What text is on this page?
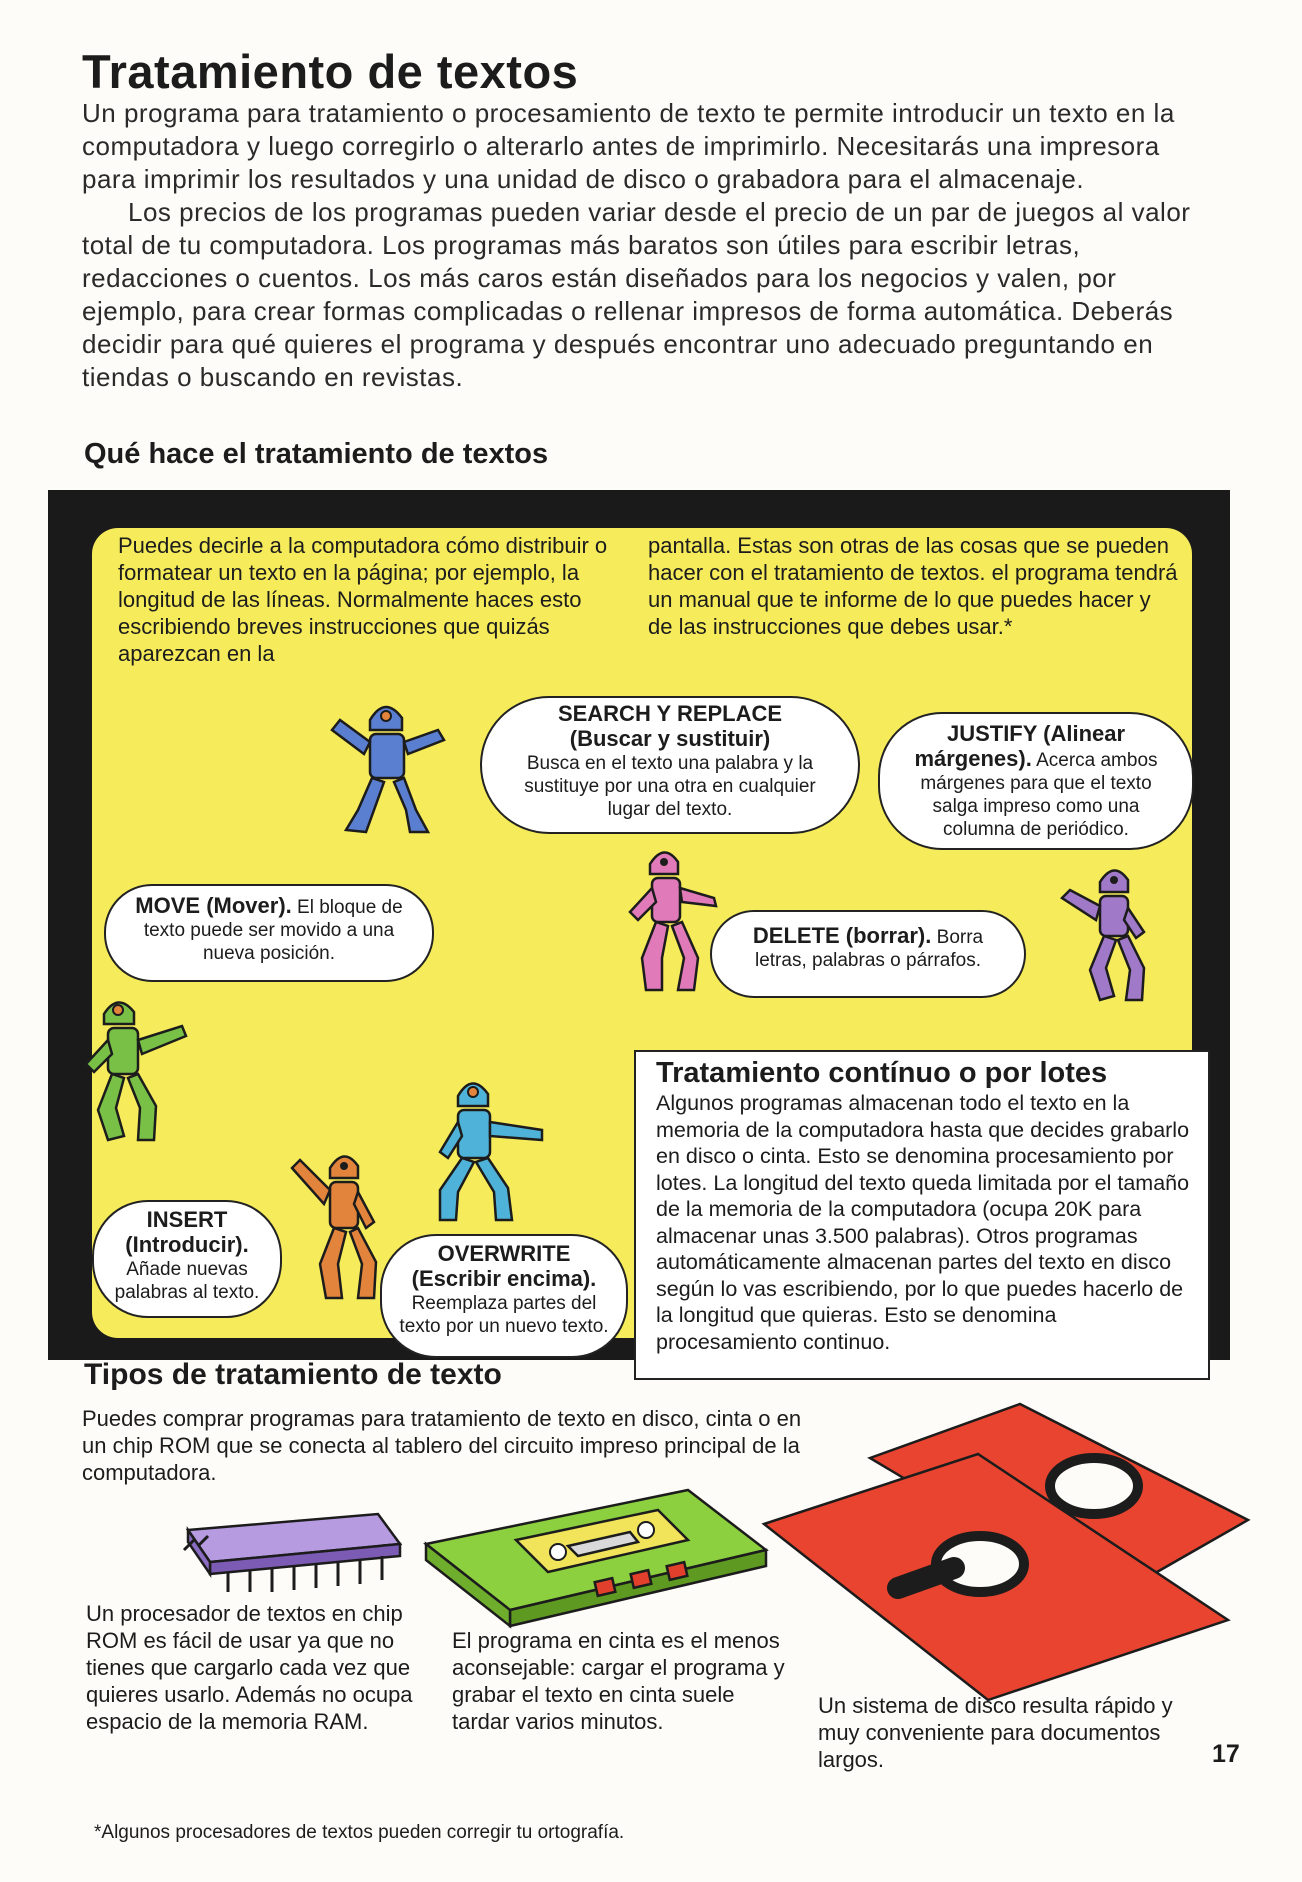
Tratamiento de textos

Un programa para tratamiento o procesamiento de texto te permite introducir un texto en la computadora y luego corregirlo o alterarlo antes de imprimirlo. Necesitarás una impresora para imprimir los resultados y una unidad de disco o grabadora para el almacenaje.

Los precios de los programas pueden variar desde el precio de un par de juegos al valor total de tu computadora. Los programas más baratos son útiles para escribir letras, redacciones o cuentos. Los más caros están diseñados para los negocios y valen, por ejemplo, para crear formas complicadas o rellenar impresos de forma automática. Deberás decidir para qué quieres el programa y después encontrar uno adecuado preguntando en tiendas o buscando en revistas.

Qué hace el tratamiento de textos
Puedes decirle a la computadora cómo distribuir o formatear un texto en la página; por ejemplo, la longitud de las líneas. Normalmente haces esto escribiendo breves instrucciones que quizás aparezcan en la
pantalla. Estas son otras de las cosas que se pueden hacer con el tratamiento de textos. el programa tendrá un manual que te informe de lo que puedes hacer y de las instrucciones que debes usar.*
SEARCH Y REPLACE
(Buscar y sustituir)
Busca en el texto una palabra y la sustituye por una otra en cualquier lugar del texto.
JUSTIFY (Alinear márgenes). Acerca ambos márgenes para que el texto salga impreso como una columna de periódico.
MOVE (Mover). El bloque de texto puede ser movido a una nueva posición.
DELETE (borrar). Borra letras, palabras o párrafos.
INSERT (Introducir).
Añade nuevas palabras al texto.
OVERWRITE (Escribir encima).
Reemplaza partes del texto por un nuevo texto.
Tratamiento contínuo o por lotes

Algunos programas almacenan todo el texto en la memoria de la computadora hasta que decides grabarlo en disco o cinta. Esto se denomina procesamiento por lotes. La longitud del texto queda limitada por el tamaño de la memoria de la computadora (ocupa 20K para almacenar unas 3.500 palabras). Otros programas automáticamente almacenan partes del texto en disco según lo vas escribiendo, por lo que puedes hacerlo de la longitud que quieras. Esto se denomina procesamiento continuo.

Tipos de tratamiento de texto
Puedes comprar programas para tratamiento de texto en disco, cinta o en un chip ROM que se conecta al tablero del circuito impreso principal de la computadora.
Un procesador de textos en chip ROM es fácil de usar ya que no tienes que cargarlo cada vez que quieres usarlo. Además no ocupa espacio de la memoria RAM.
El programa en cinta es el menos aconsejable: cargar el programa y grabar el texto en cinta suele tardar varios minutos.
Un sistema de disco resulta rápido y muy conveniente para documentos largos.	17
*Algunos procesadores de textos pueden corregir tu ortografía.
